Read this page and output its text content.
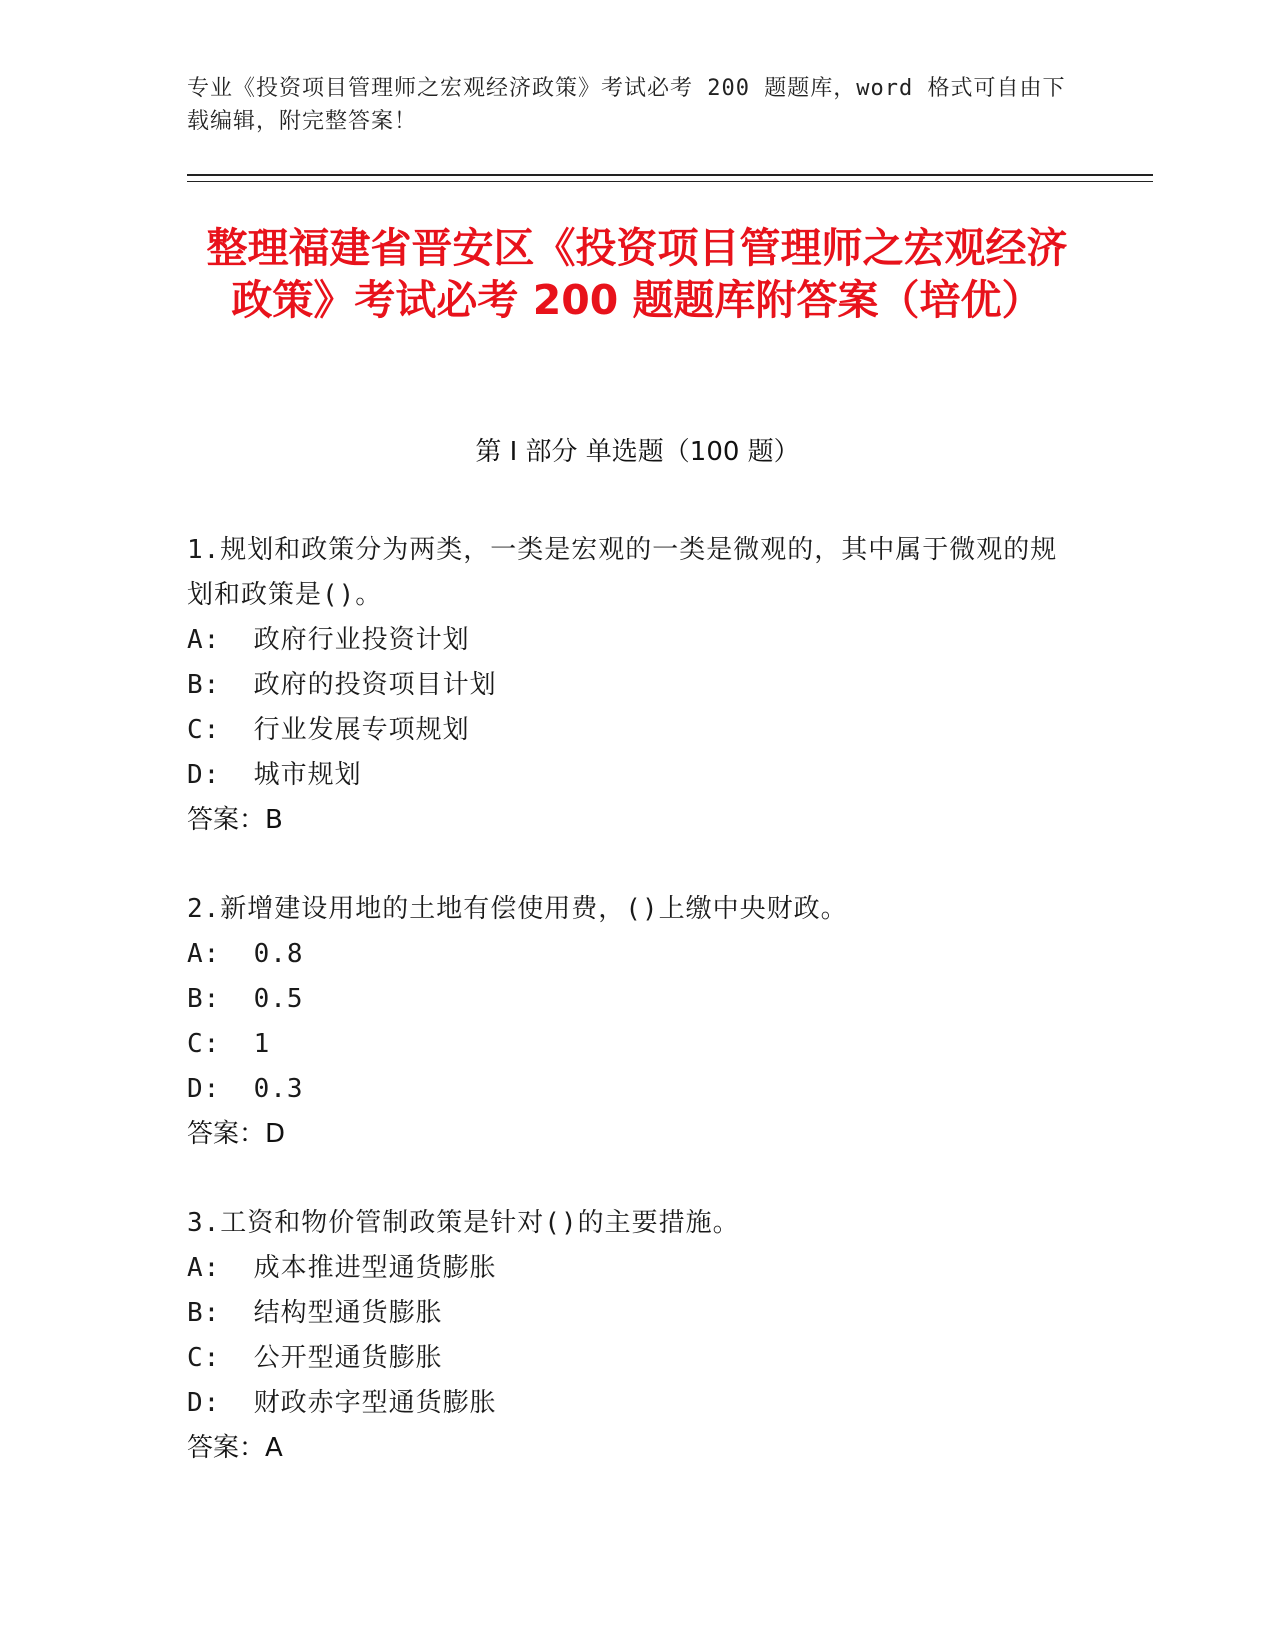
专业《投资项目管理师之宏观经济政策》考试必考 200 题题库，word 格式可自由下载编辑，附完整答案！
整理福建省晋安区《投资项目管理师之宏观经济政策》考试必考 200 题题库附答案（培优）
第 I 部分 单选题（100 题）
1.规划和政策分为两类，一类是宏观的一类是微观的，其中属于微观的规划和政策是()。
A:  政府行业投资计划
B:  政府的投资项目计划
C:  行业发展专项规划
D:  城市规划
答案：B
2.新增建设用地的土地有偿使用费，()上缴中央财政。
A:  0.8
B:  0.5
C:  1
D:  0.3
答案：D
3.工资和物价管制政策是针对()的主要措施。
A:  成本推进型通货膨胀
B:  结构型通货膨胀
C:  公开型通货膨胀
D:  财政赤字型通货膨胀
答案：A
